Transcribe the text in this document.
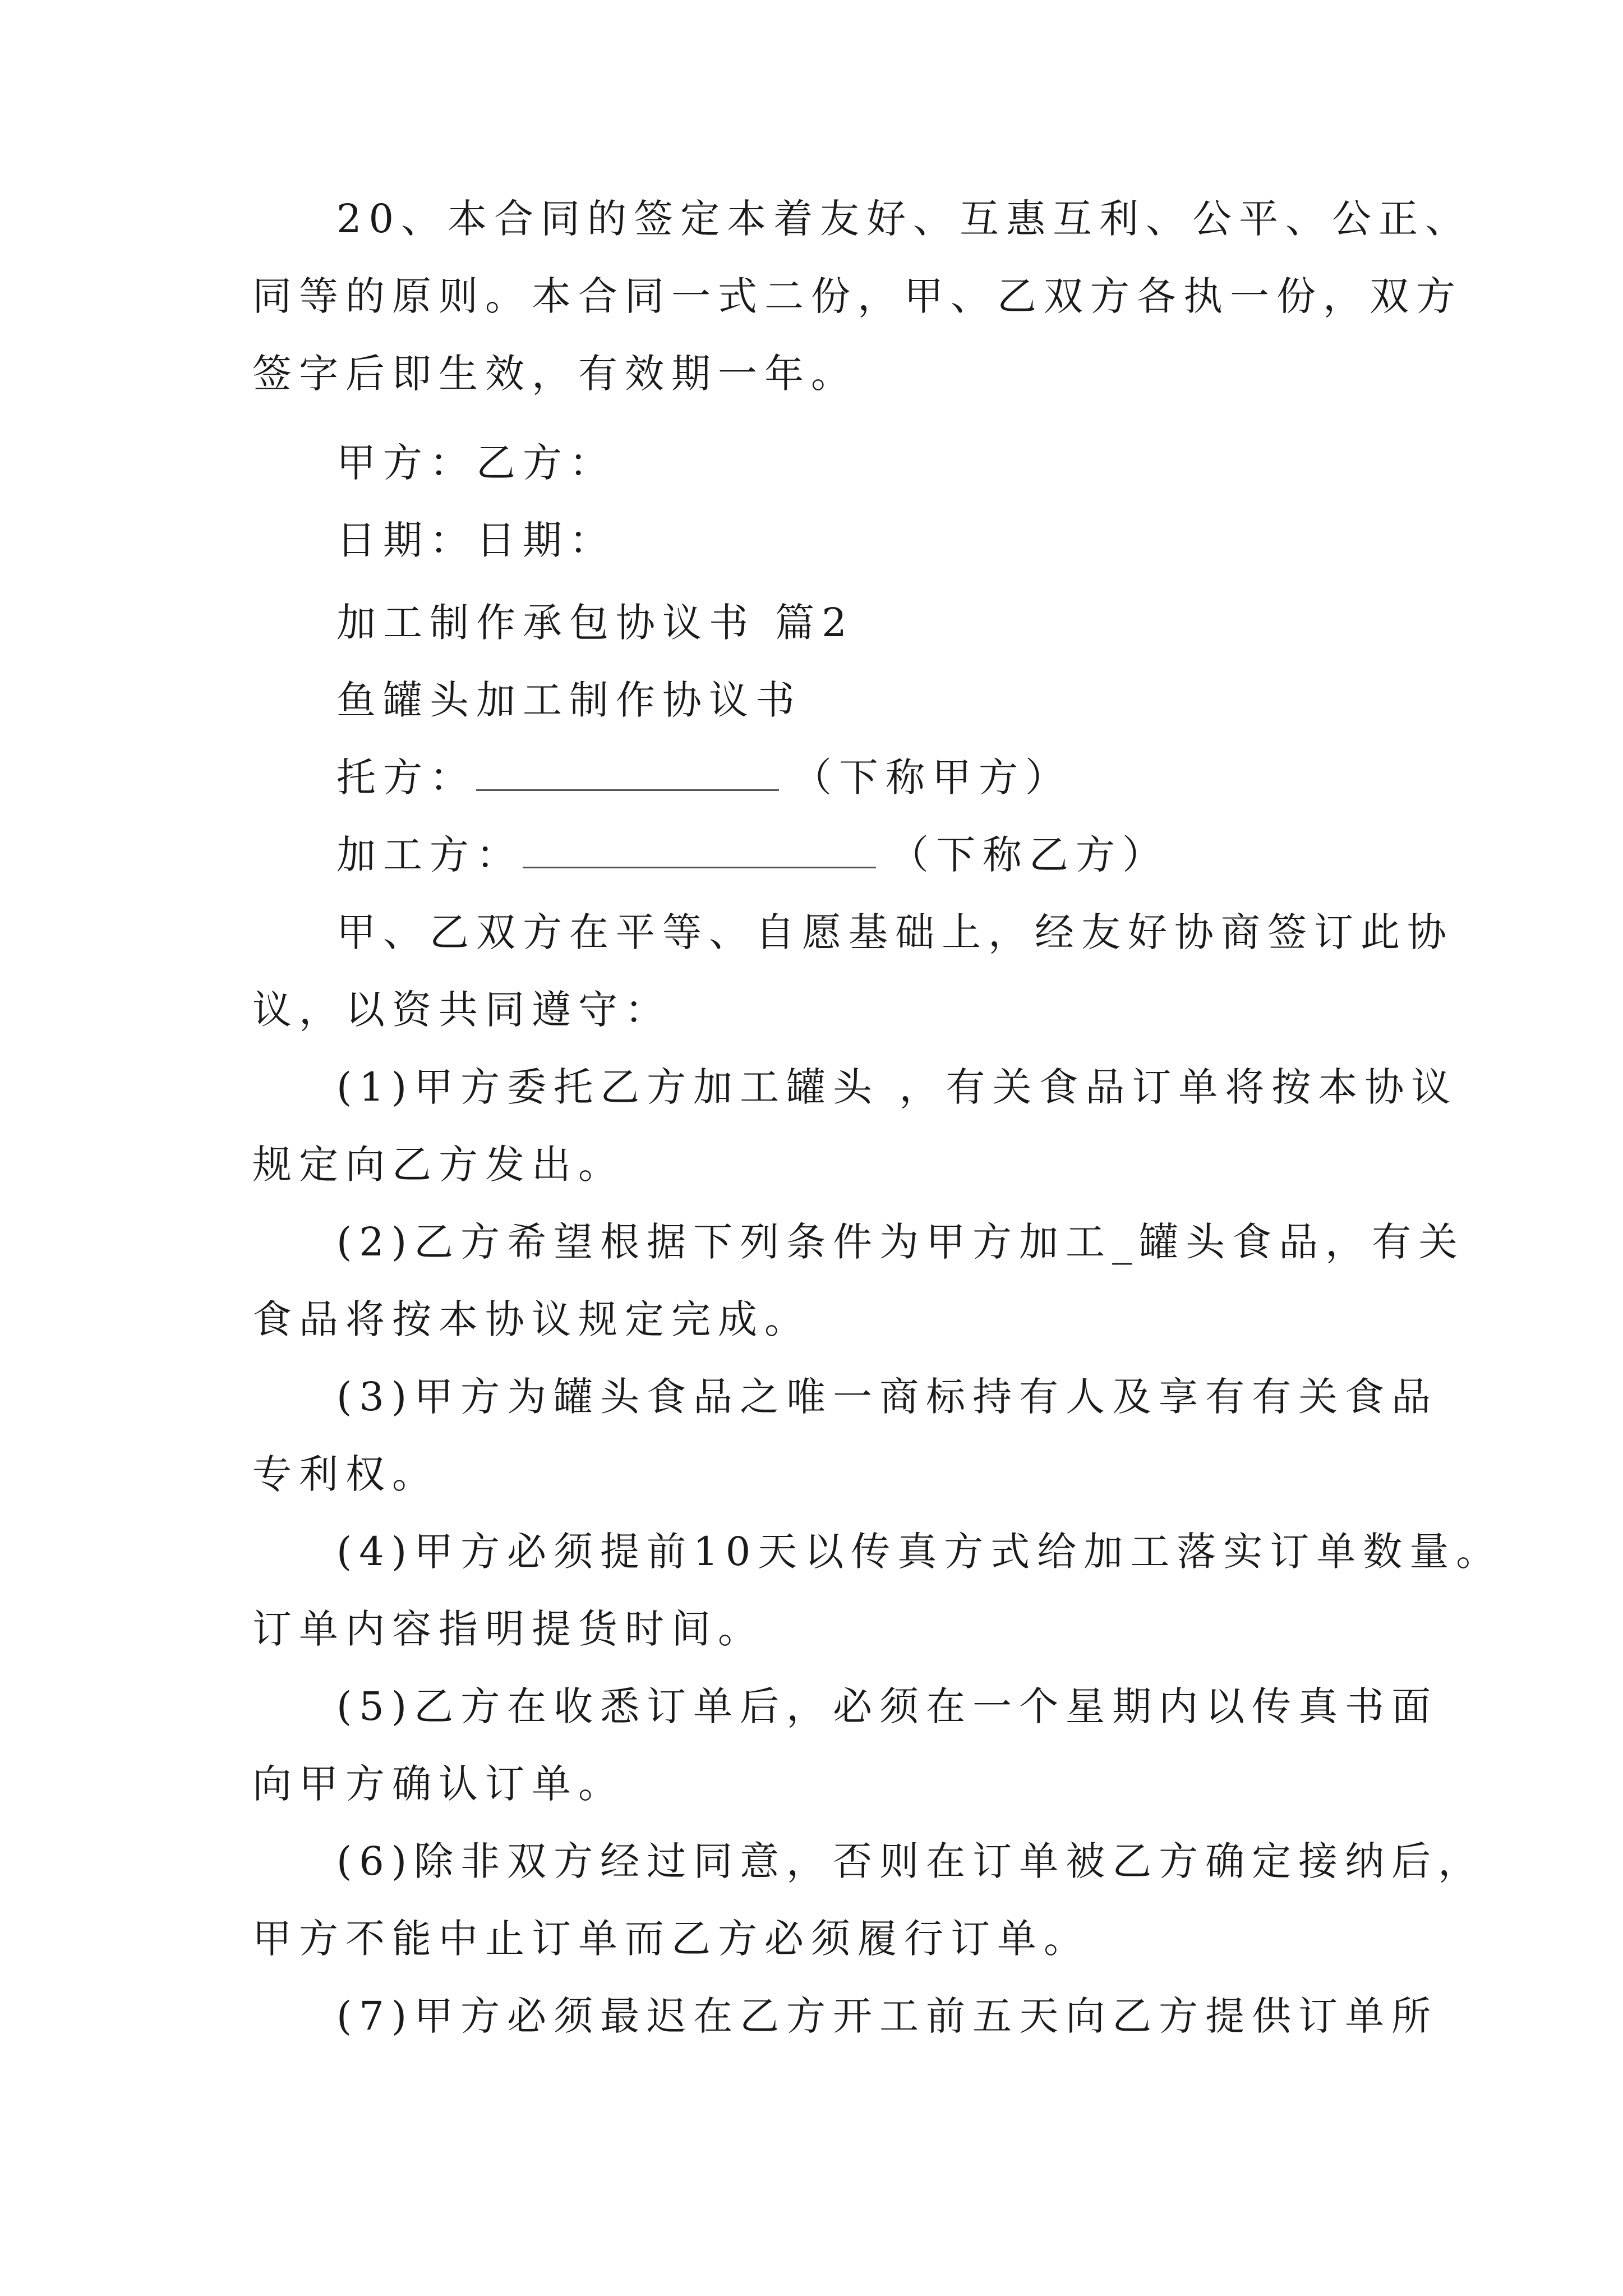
20、本合同的签定本着友好、互惠互利、公平、公正、

同等的原则。本合同一式二份，甲、乙双方各执一份，双方

签字后即生效，有效期一年。

甲方：乙方：

日期：日期：

加工制作承包协议书 篇2

鱼罐头加工制作协议书

托方：	（下称甲方）

加工方：	（下称乙方）

甲、乙双方在平等、自愿基础上，经友好协商签订此协

议，以资共同遵守：

(1)甲方委托乙方加工罐头 ，有关食品订单将按本协议

规定向乙方发出。

(2)乙方希望根据下列条件为甲方加工_罐头食品，有关

食品将按本协议规定完成。

(3)甲方为罐头食品之唯一商标持有人及享有有关食品

专利权。

(4)甲方必须提前10天以传真方式给加工落实订单数量。

订单内容指明提货时间。

(5)乙方在收悉订单后，必须在一个星期内以传真书面

向甲方确认订单。

(6)除非双方经过同意，否则在订单被乙方确定接纳后，

甲方不能中止订单而乙方必须履行订单。

(7)甲方必须最迟在乙方开工前五天向乙方提供订单所
